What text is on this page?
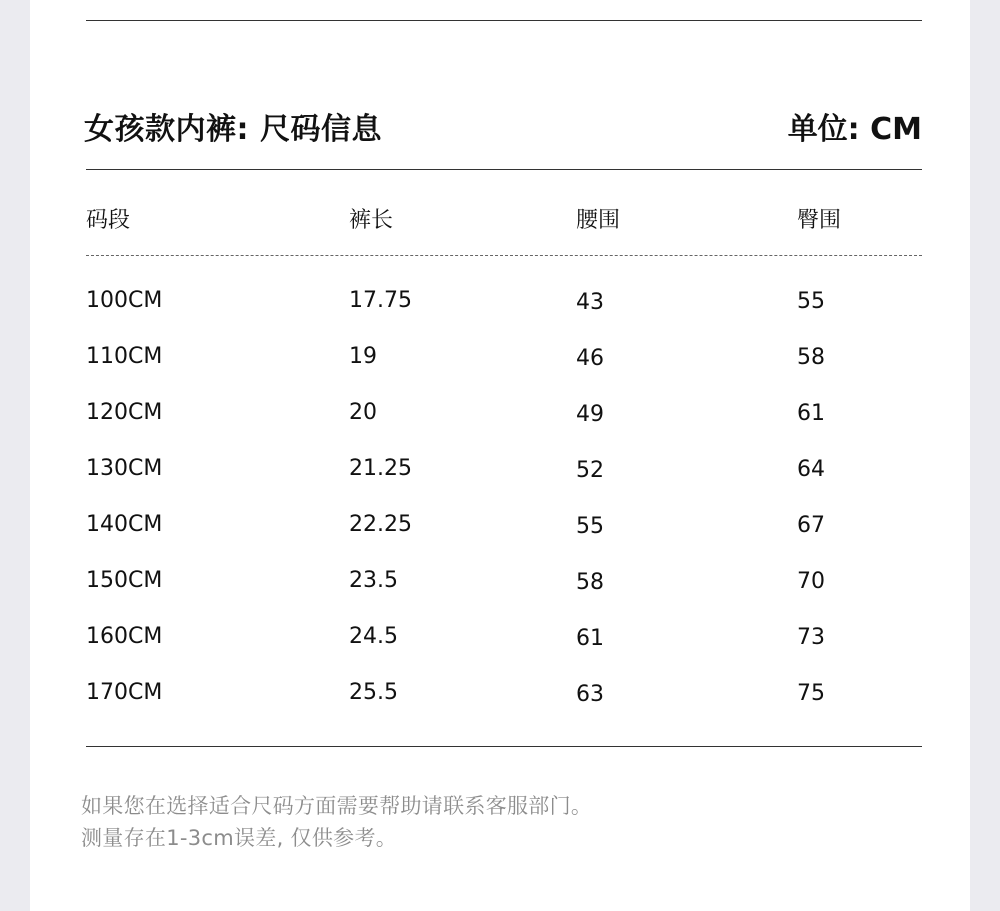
女孩款内裤: 尺码信息	单位: CM
码段	裤长	腰围	臀围
100CM	17.75	43	55
110CM	19	46	58
120CM	20	49	61
130CM	21.25	52	64
140CM	22.25	55	67
150CM	23.5	58	70
160CM	24.5	61	73
170CM	25.5	63	75
如果您在选择适合尺码方面需要帮助请联系客服部门。
测量存在1-3cm误差, 仅供参考。
